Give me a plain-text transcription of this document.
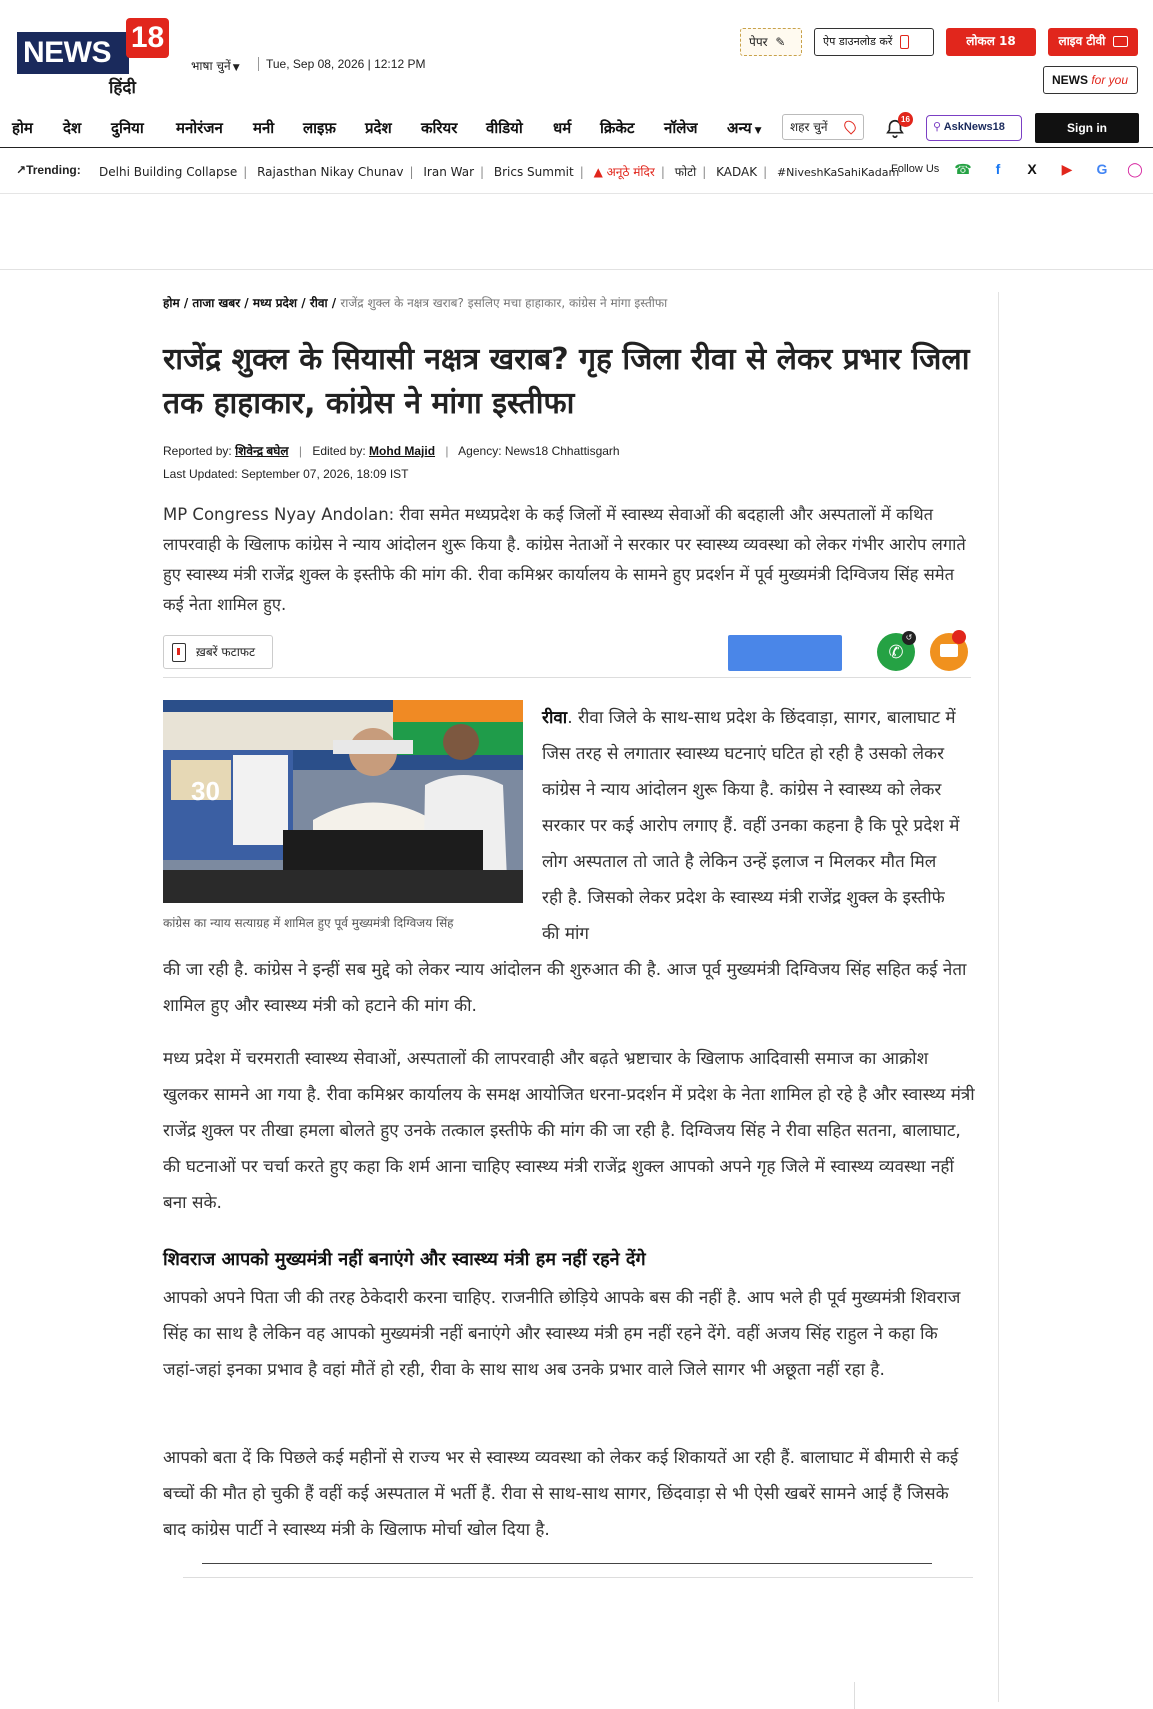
NEWS 18
हिंदी
भाषा चुनें ▼	Tue, Sep 08, 2026 | 12:12 PM
पेपर ✎	ऐप डाउनलोड करें	लोकल 18	लाइव टीवी
NEWS for you
होम देश दुनिया मनोरंजन मनी लाइफ़ प्रदेश करियर वीडियो धर्म क्रिकेट नॉलेज अन्य ▼	शहर चुनें
16
⚲ AskNews18	Sign in
↗Trending: Delhi Building Collapse | Rajasthan Nikay Chunav | Iran War | Brics Summit | ▲ अनूठे मंदिर | फोटो | KADAK | #NiveshKaSahiKadam
Follow Us ☎	f	X	▶ G ◯
होम / ताजा खबर / मध्य प्रदेश / रीवा / राजेंद्र शुक्ल के नक्षत्र खराब? इसलिए मचा हाहाकार, कांग्रेस ने मांगा इस्तीफा
राजेंद्र शुक्ल के सियासी नक्षत्र खराब? गृह जिला रीवा से लेकर प्रभार जिला तक हाहाकार, कांग्रेस ने मांगा इस्तीफा
Reported by: शिवेन्द्र बघेल | Edited by: Mohd Majid | Agency: News18 Chhattisgarh
Last Updated: September 07, 2026, 18:09 IST

MP Congress Nyay Andolan: रीवा समेत मध्यप्रदेश के कई जिलों में स्वास्थ्य सेवाओं की बदहाली और अस्पतालों में कथित लापरवाही के खिलाफ कांग्रेस ने न्याय आंदोलन शुरू किया है. कांग्रेस नेताओं ने सरकार पर स्वास्थ्य व्यवस्था को लेकर गंभीर आरोप लगाते हुए स्वास्थ्य मंत्री राजेंद्र शुक्ल के इस्तीफे की मांग की. रीवा कमिश्नर कार्यालय के सामने हुए प्रदर्शन में पूर्व मुख्यमंत्री दिग्विजय सिंह समेत कई नेता शामिल हुए.

ख़बरें फटाफट	✆
↺
30
कांग्रेस का न्याय सत्याग्रह में शामिल हुए पूर्व मुख्यमंत्री दिग्विजय सिंह

रीवा. रीवा जिले के साथ-साथ प्रदेश के छिंदवाड़ा, सागर, बालाघाट में जिस तरह से लगातार स्वास्थ्य घटनाएं घटित हो रही है उसको लेकर कांग्रेस ने न्याय आंदोलन शुरू किया है. कांग्रेस ने स्वास्थ्य को लेकर सरकार पर कई आरोप लगाए हैं. वहीं उनका कहना है कि पूरे प्रदेश में लोग अस्पताल तो जाते है लेकिन उन्हें इलाज न मिलकर मौत मिल रही है. जिसको लेकर प्रदेश के स्वास्थ्य मंत्री राजेंद्र शुक्ल के इस्तीफे की मांग

की जा रही है. कांग्रेस ने इन्हीं सब मुद्दे को लेकर न्याय आंदोलन की शुरुआत की है. आज पूर्व मुख्यमंत्री दिग्विजय सिंह सहित कई नेता शामिल हुए और स्वास्थ्य मंत्री को हटाने की मांग की.

मध्य प्रदेश में चरमराती स्वास्थ्य सेवाओं, अस्पतालों की लापरवाही और बढ़ते भ्रष्टाचार के खिलाफ आदिवासी समाज का आक्रोश खुलकर सामने आ गया है. रीवा कमिश्नर कार्यालय के समक्ष आयोजित धरना-प्रदर्शन में प्रदेश के नेता शामिल हो रहे है और स्वास्थ्य मंत्री राजेंद्र शुक्ल पर तीखा हमला बोलते हुए उनके तत्काल इस्तीफे की मांग की जा रही है. दिग्विजय सिंह ने रीवा सहित सतना, बालाघाट, की घटनाओं पर चर्चा करते हुए कहा कि शर्म आना चाहिए स्वास्थ्य मंत्री राजेंद्र शुक्ल आपको अपने गृह जिले में स्वास्थ्य व्यवस्था नहीं बना सके.

शिवराज आपको मुख्यमंत्री नहीं बनाएंगे और स्वास्थ्य मंत्री हम नहीं रहने देंगे

आपको अपने पिता जी की तरह ठेकेदारी करना चाहिए. राजनीति छोड़िये आपके बस की नहीं है. आप भले ही पूर्व मुख्यमंत्री शिवराज सिंह का साथ है लेकिन वह आपको मुख्यमंत्री नहीं बनाएंगे और स्वास्थ्य मंत्री हम नहीं रहने देंगे. वहीं अजय सिंह राहुल ने कहा कि जहां-जहां इनका प्रभाव है वहां मौतें हो रही, रीवा के साथ साथ अब उनके प्रभार वाले जिले सागर भी अछूता नहीं रहा है.

आपको बता दें कि पिछले कई महीनों से राज्य भर से स्वास्थ्य व्यवस्था को लेकर कई शिकायतें आ रही हैं. बालाघाट में बीमारी से कई बच्चों की मौत हो चुकी हैं वहीं कई अस्पताल में भर्ती हैं. रीवा से साथ-साथ सागर, छिंदवाड़ा से भी ऐसी खबरें सामने आई हैं जिसके बाद कांग्रेस पार्टी ने स्वास्थ्य मंत्री के खिलाफ मोर्चा खोल दिया है.
